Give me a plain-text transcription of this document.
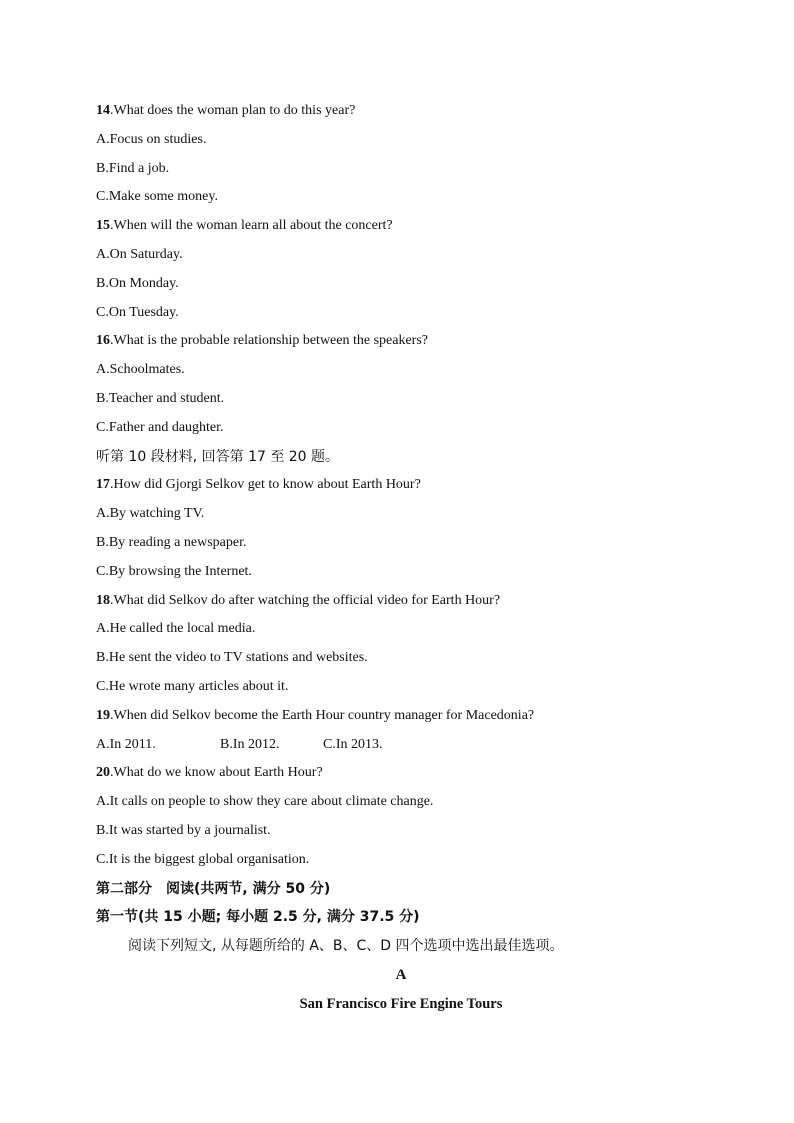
14.What does the woman plan to do this year?
A.Focus on studies.
B.Find a job.
C.Make some money.
15.When will the woman learn all about the concert?
A.On Saturday.
B.On Monday.
C.On Tuesday.
16.What is the probable relationship between the speakers?
A.Schoolmates.
B.Teacher and student.
C.Father and daughter.
听第 10 段材料, 回答第 17 至 20 题。
17.How did Gjorgi Selkov get to know about Earth Hour?
A.By watching TV.
B.By reading a newspaper.
C.By browsing the Internet.
18.What did Selkov do after watching the official video for Earth Hour?
A.He called the local media.
B.He sent the video to TV stations and websites.
C.He wrote many articles about it.
19.When did Selkov become the Earth Hour country manager for Macedonia?
A.In 2011.	B.In 2012.	C.In 2013.
20.What do we know about Earth Hour?
A.It calls on people to show they care about climate change.
B.It was started by a journalist.
C.It is the biggest global organisation.
第二部分　阅读(共两节, 满分 50 分)
第一节(共 15 小题; 每小题 2.5 分, 满分 37.5 分)
阅读下列短文, 从每题所给的 A、B、C、D 四个选项中选出最佳选项。
A
San Francisco Fire Engine Tours
